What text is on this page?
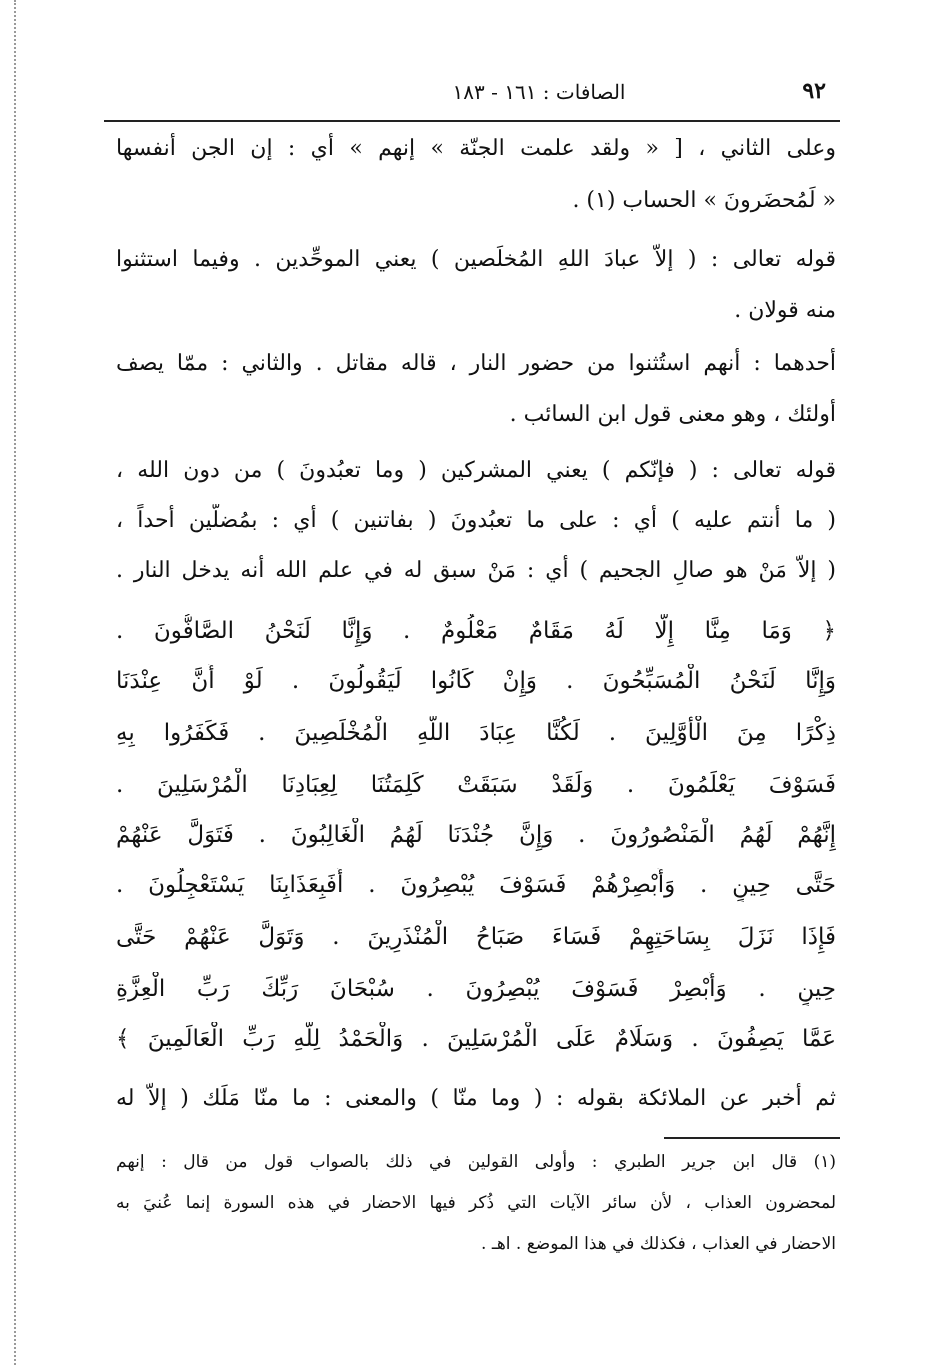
٩٢
الصافات : ١٦١ - ١٨٣
وعلى الثاني ، [ « ولقد علمت الجنّة » إنهم » أي : إن الجن أنفسها
« لَمُحضَرونَ » الحساب (١) .
قوله تعالى : ( إلاّ عبادَ اللهِ المُخلَصين ) يعني الموحِّدين . وفيما استثنوا
منه قولان .
أحدهما : أنهم استُثنوا من حضور النار ، قاله مقاتل . والثاني : ممّا يصف
أولئك ، وهو معنى قول ابن السائب .
قوله تعالى : ( فإنّكم ) يعني المشركين ( وما تعبُدونَ ) من دون الله ،
( ما أنتم عليه ) أي : على ما تعبُدونَ ( بفاتنين ) أي : بمُضلّين أحداً ،
( إلاّ مَنْ هو صالِ الجحيم ) أي : مَنْ سبق له في علم الله أنه يدخل النار .
﴿ وَمَا مِنَّا إِلَّا لَهُ مَقَامٌ مَعْلُومٌ . وَإِنَّا لَنَحْنُ الصَّافُّونَ .
وَإِنَّا لَنَحْنُ الْمُسَبِّحُونَ . وَإِنْ كَانُوا لَيَقُولُونَ . لَوْ أَنَّ عِنْدَنَا
ذِكْرًا مِنَ الْأَوَّلِينَ . لَكُنَّا عِبَادَ اللَّهِ الْمُخْلَصِينَ . فَكَفَرُوا بِهِ
فَسَوْفَ يَعْلَمُونَ . وَلَقَدْ سَبَقَتْ كَلِمَتُنَا لِعِبَادِنَا الْمُرْسَلِينَ .
إِنَّهُمْ لَهُمُ الْمَنْصُورُونَ . وَإِنَّ جُنْدَنَا لَهُمُ الْغَالِبُونَ . فَتَوَلَّ عَنْهُمْ
حَتَّى حِينٍ . وَأَبْصِرْهُمْ فَسَوْفَ يُبْصِرُونَ . أَفَبِعَذَابِنَا يَسْتَعْجِلُونَ .
فَإِذَا نَزَلَ بِسَاحَتِهِمْ فَسَاءَ صَبَاحُ الْمُنْذَرِينَ . وَتَوَلَّ عَنْهُمْ حَتَّى
حِينٍ . وَأَبْصِرْ فَسَوْفَ يُبْصِرُونَ . سُبْحَانَ رَبِّكَ رَبِّ الْعِزَّةِ
عَمَّا يَصِفُونَ . وَسَلَامٌ عَلَى الْمُرْسَلِينَ . وَالْحَمْدُ لِلَّهِ رَبِّ الْعَالَمِينَ ﴾
ثم أخبر عن الملائكة بقوله : ( وما منّا ) والمعنى : ما منّا مَلَك ( إلاّ له
(١) قال ابن جرير الطبري : وأولى القولين في ذلك بالصواب قول من قال : إنهم
لمحضرون العذاب ، لأن سائر الآيات التي ذُكر فيها الاحضار في هذه السورة إنما عُنيَ به
الاحضار في العذاب ، فكذلك في هذا الموضع . اهـ .
